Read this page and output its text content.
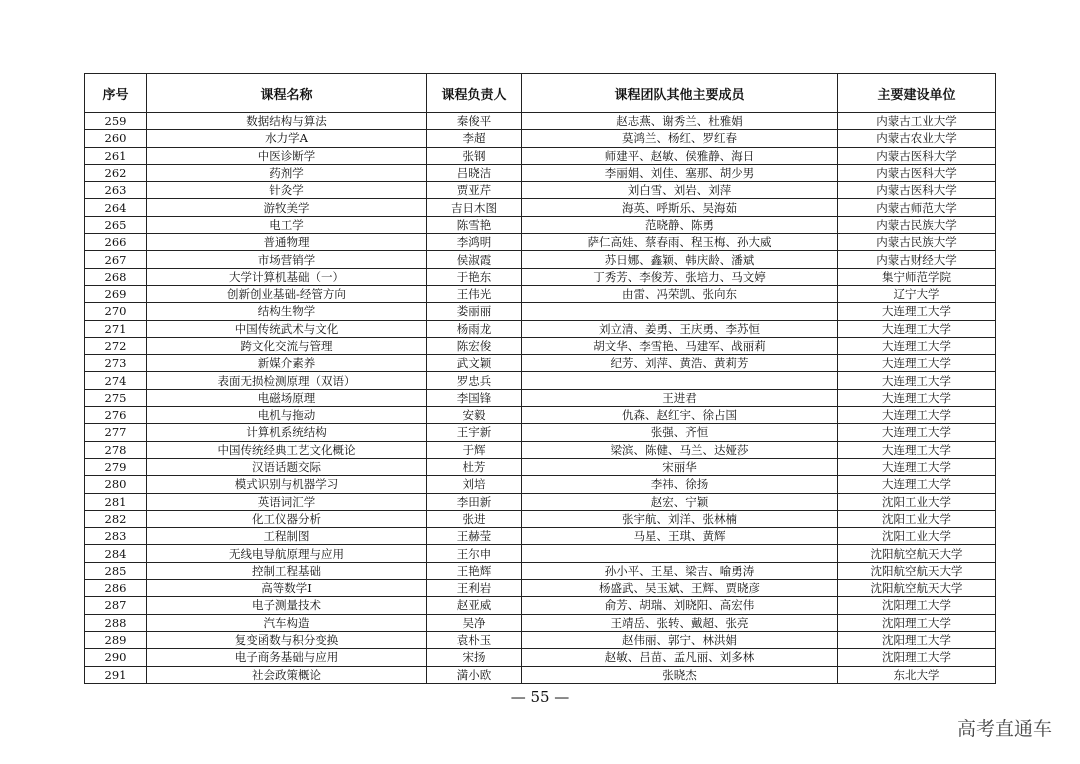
序号	课程名称	课程负责人	课程团队其他主要成员	主要建设单位
259	数据结构与算法	秦俊平	赵志燕、谢秀兰、杜雅娟	内蒙古工业大学
260	水力学A	李超	莫鸿兰、杨红、罗红春	内蒙古农业大学
261	中医诊断学	张钢	师建平、赵敏、侯雅静、海日	内蒙古医科大学
262	药剂学	吕晓洁	李丽娟、刘佳、塞那、胡少男	内蒙古医科大学
263	针灸学	贾亚芹	刘白雪、刘岩、刘萍	内蒙古医科大学
264	游牧美学	吉日木图	海英、呼斯乐、吴海茹	内蒙古师范大学
265	电工学	陈雪艳	范晓静、陈勇	内蒙古民族大学
266	普通物理	李鸿明	萨仁高娃、蔡春雨、程玉梅、孙大威	内蒙古民族大学
267	市场营销学	侯淑霞	苏日娜、鑫颖、韩庆龄、潘斌	内蒙古财经大学
268	大学计算机基础（一）	于艳东	丁秀芳、李俊芳、张培力、马文婷	集宁师范学院
269	创新创业基础-经管方向	王伟光	由雷、冯荣凯、张向东	辽宁大学
270	结构生物学	娄丽丽		大连理工大学
271	中国传统武术与文化	杨雨龙	刘立清、姜勇、王庆勇、李苏恒	大连理工大学
272	跨文化交流与管理	陈宏俊	胡文华、李雪艳、马建军、战丽莉	大连理工大学
273	新媒介素养	武文颖	纪芳、刘萍、黄浩、黄莉芳	大连理工大学
274	表面无损检测原理（双语）	罗忠兵		大连理工大学
275	电磁场原理	李国锋	王进君	大连理工大学
276	电机与拖动	安毅	仇森、赵红宇、徐占国	大连理工大学
277	计算机系统结构	王宇新	张强、齐恒	大连理工大学
278	中国传统经典工艺文化概论	于辉	梁滨、陈健、马兰、达娅莎	大连理工大学
279	汉语话题交际	杜芳	宋丽华	大连理工大学
280	模式识别与机器学习	刘培	李祎、徐扬	大连理工大学
281	英语词汇学	李田新	赵宏、宁颖	沈阳工业大学
282	化工仪器分析	张进	张宇航、刘洋、张林楠	沈阳工业大学
283	工程制图	王赫莹	马星、王琪、黄辉	沈阳工业大学
284	无线电导航原理与应用	王尔申		沈阳航空航天大学
285	控制工程基础	王艳辉	孙小平、王星、梁吉、喻勇涛	沈阳航空航天大学
286	高等数学Ⅰ	王利岩	杨盛武、吴玉斌、王辉、贾晓彦	沈阳航空航天大学
287	电子测量技术	赵亚威	俞芳、胡瑞、刘晓阳、高宏伟	沈阳理工大学
288	汽车构造	吴净	王靖岳、张转、戴超、张亮	沈阳理工大学
289	复变函数与积分变换	袁朴玉	赵伟丽、郭宁、林洪娟	沈阳理工大学
290	电子商务基础与应用	宋扬	赵敏、吕苗、孟凡丽、刘多林	沈阳理工大学
291	社会政策概论	満小欧	张晓杰	东北大学
— 55 —
高考直通车
